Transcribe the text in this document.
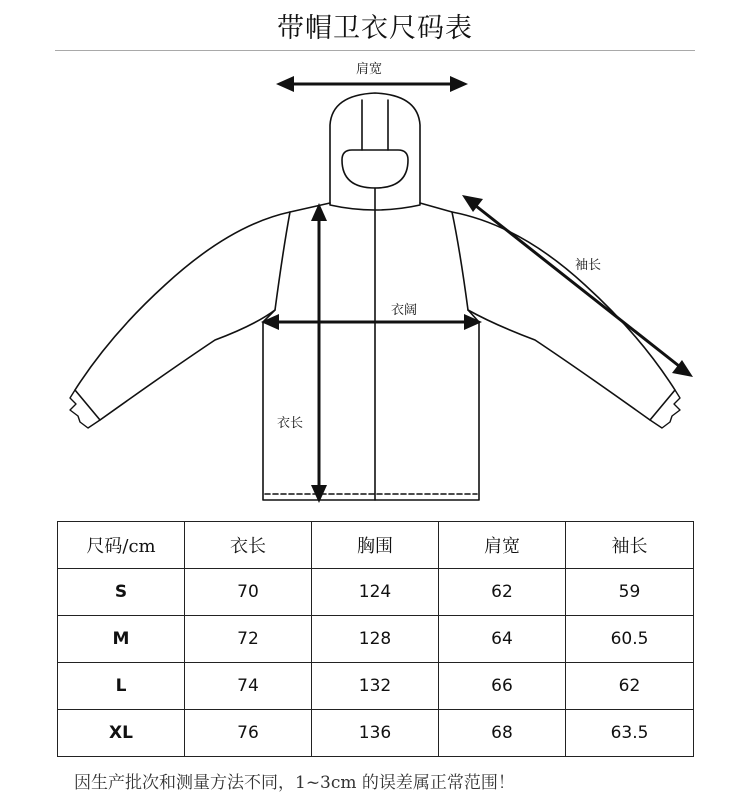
带帽卫衣尺码表
肩宽
袖长
衣阔
衣长
尺码/cm	衣长	胸围	肩宽	袖长
S	70	124	62	59
M	72	128	64	60.5
L	74	132	66	62
XL	76	136	68	63.5
因生产批次和测量方法不同，1~3cm 的误差属正常范围！
